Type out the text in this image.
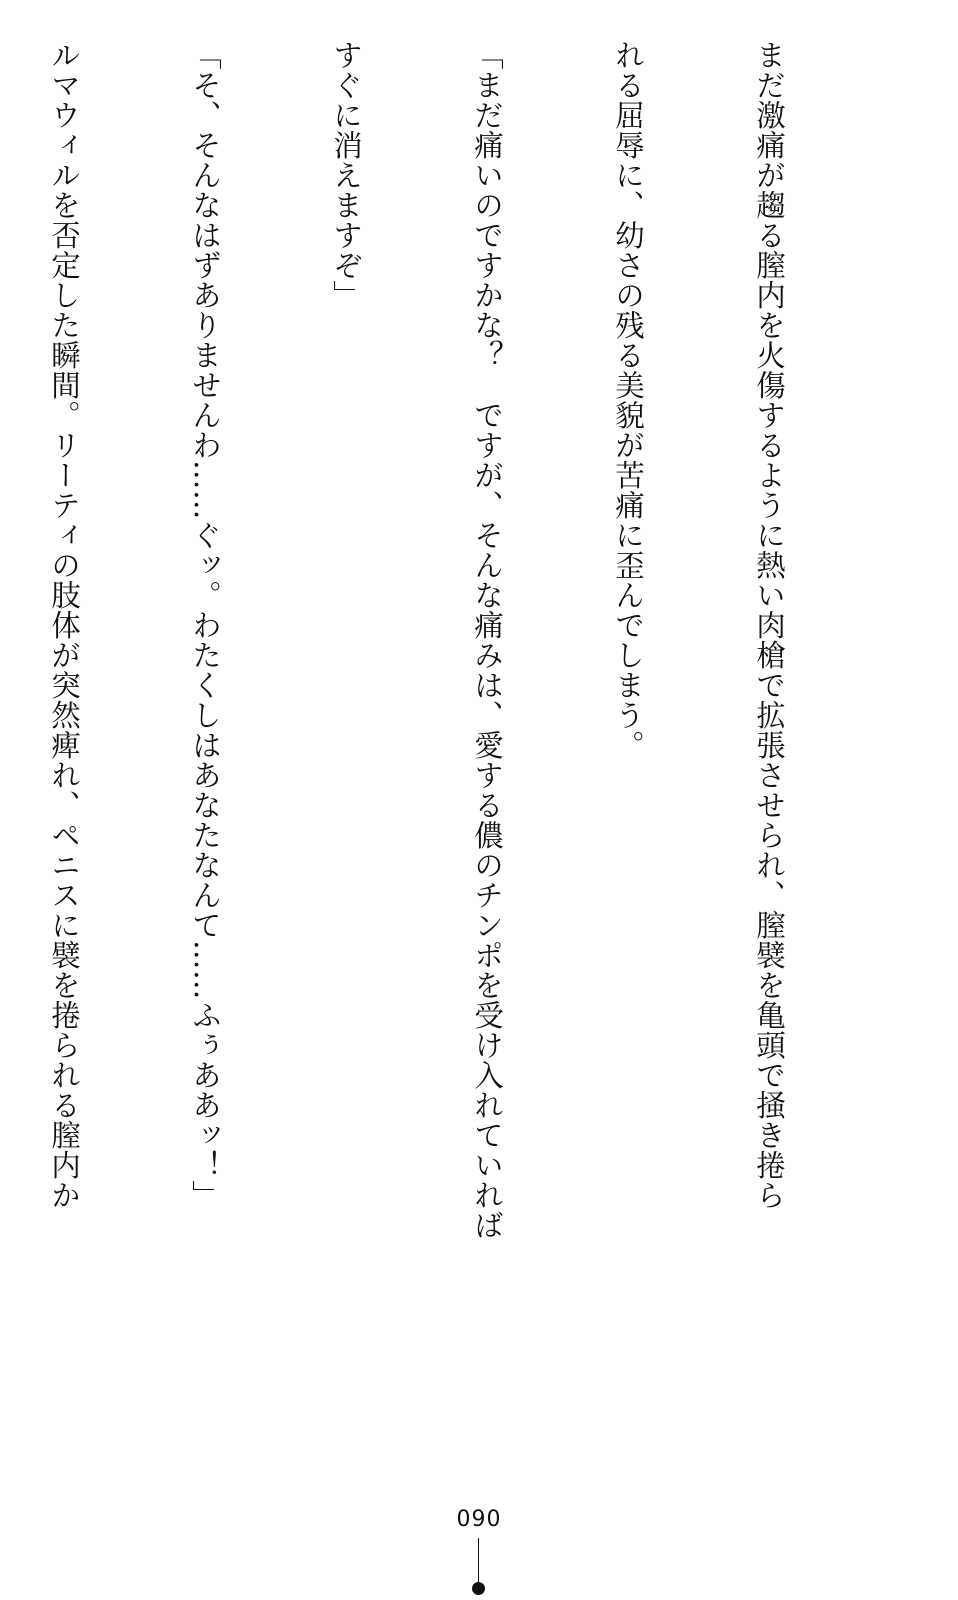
まだ激痛が趨る膣内を火傷するように熱い肉槍で拡張させられ、膣襞を亀頭で掻き捲ら

れる屈辱に、幼さの残る美貌が苦痛に歪んでしまう。

「まだ痛いのですかな？　ですが、そんな痛みは、愛する儂のチンポを受け入れていれば

すぐに消えますぞ」

「そ、そんなはずありませんわ……ぐッ。わたくしはあなたなんて……ふぅああッ！」

ルマウィルを否定した瞬間。リーティの肢体が突然痺れ、ペニスに襞を捲られる膣内か

090
